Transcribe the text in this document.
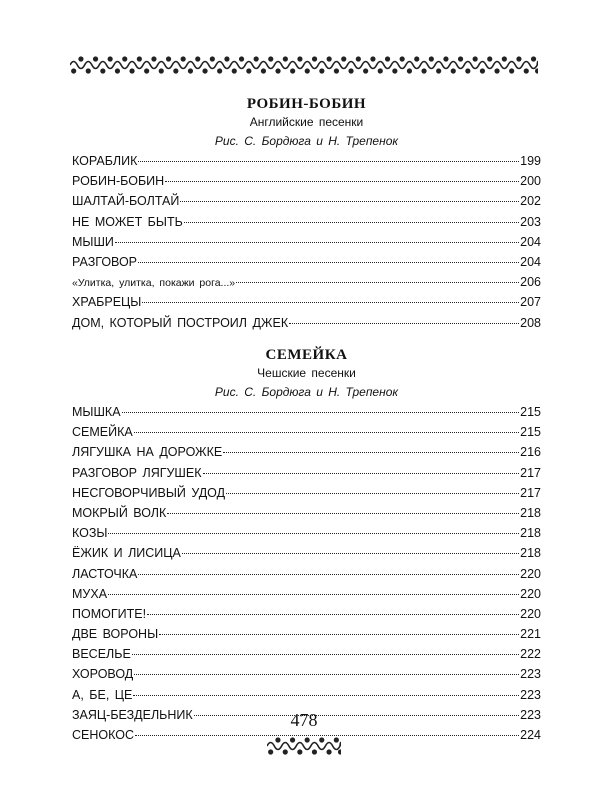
РОБИН-БОБИН

Английские песенки

Рис. С. Бордюга и Н. Трепенок

КОРАБЛИК	199
РОБИН-БОБИН	200
ШАЛТАЙ-БОЛТАЙ	202
НЕ МОЖЕТ БЫТЬ	203
МЫШИ	204
РАЗГОВОР	204
«Улитка, улитка, покажи рога...»	206
ХРАБРЕЦЫ	207
ДОМ, КОТОРЫЙ ПОСТРОИЛ ДЖЕК	208
СЕМЕЙКА

Чешские песенки

Рис. С. Бордюга и Н. Трепенок

МЫШКА	215
СЕМЕЙКА	215
ЛЯГУШКА НА ДОРОЖКЕ	216
РАЗГОВОР ЛЯГУШЕК	217
НЕСГОВОРЧИВЫЙ УДОД	217
МОКРЫЙ ВОЛК	218
КОЗЫ	218
ЁЖИК И ЛИСИЦА	218
ЛАСТОЧКА	220
МУХА	220
ПОМОГИТЕ!	220
ДВЕ ВОРОНЫ	221
ВЕСЕЛЬЕ	222
ХОРОВОД	223
А, БЕ, ЦЕ	223
ЗАЯЦ-БЕЗДЕЛЬНИК	223
СЕНОКОС	224
478
